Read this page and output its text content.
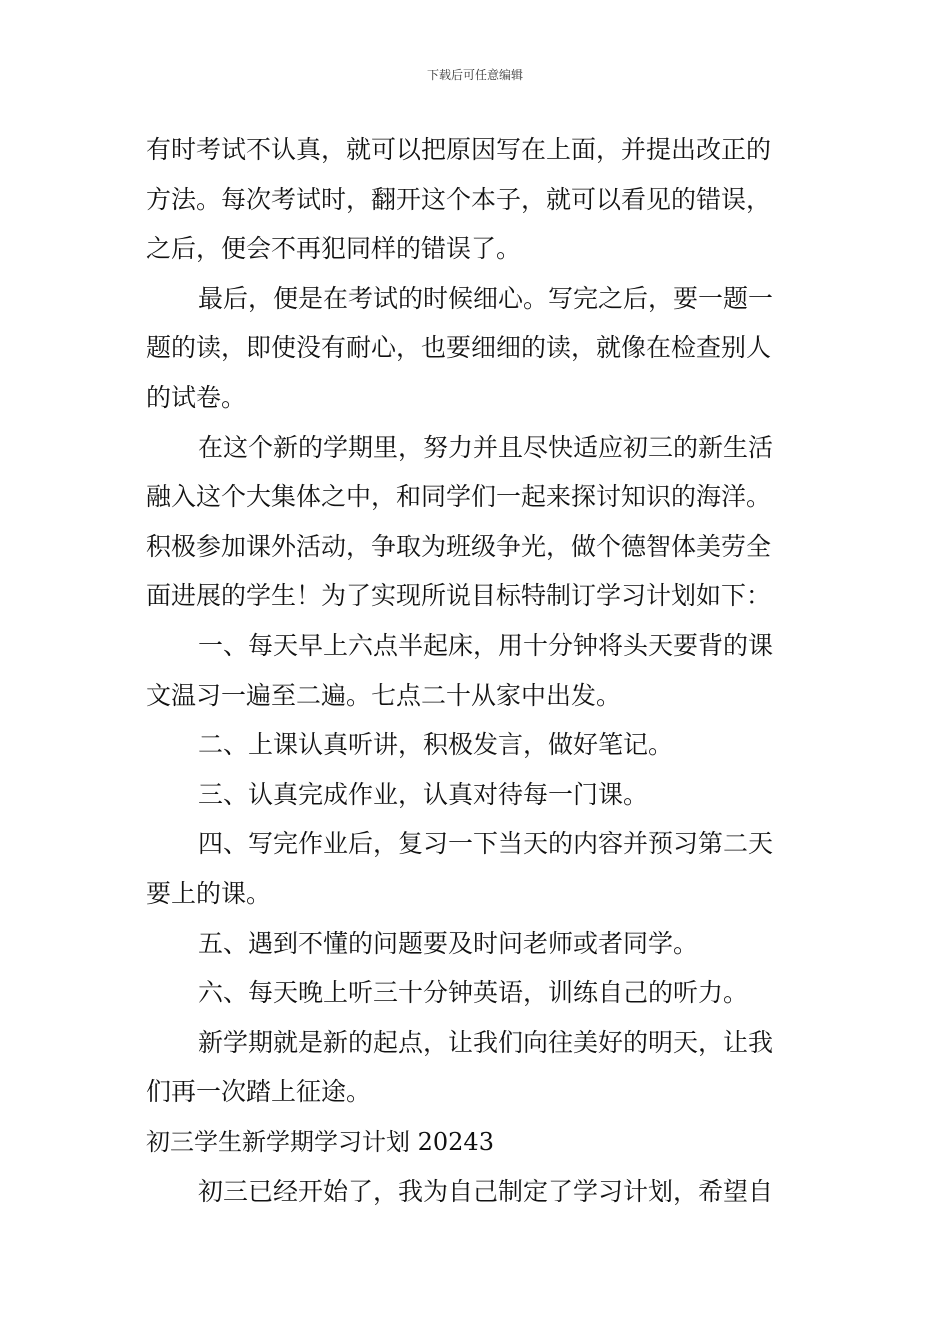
下载后可任意编辑
有时考试不认真，就可以把原因写在上面，并提出改正的
方法。每次考试时，翻开这个本子，就可以看见的错误，
之后，便会不再犯同样的错误了。
最后，便是在考试的时候细心。写完之后，要一题一
题的读，即使没有耐心，也要细细的读，就像在检查别人
的试卷。
在这个新的学期里，努力并且尽快适应初三的新生活
融入这个大集体之中，和同学们一起来探讨知识的海洋。
积极参加课外活动，争取为班级争光，做个德智体美劳全
面进展的学生！为了实现所说目标特制订学习计划如下：
一、每天早上六点半起床，用十分钟将头天要背的课
文温习一遍至二遍。七点二十从家中出发。
二、上课认真听讲，积极发言，做好笔记。
三、认真完成作业，认真对待每一门课。
四、写完作业后，复习一下当天的内容并预习第二天
要上的课。
五、遇到不懂的问题要及时问老师或者同学。
六、每天晚上听三十分钟英语，训练自己的听力。
新学期就是新的起点，让我们向往美好的明天，让我
们再一次踏上征途。
初三学生新学期学习计划 20243
初三已经开始了，我为自己制定了学习计划，希望自
